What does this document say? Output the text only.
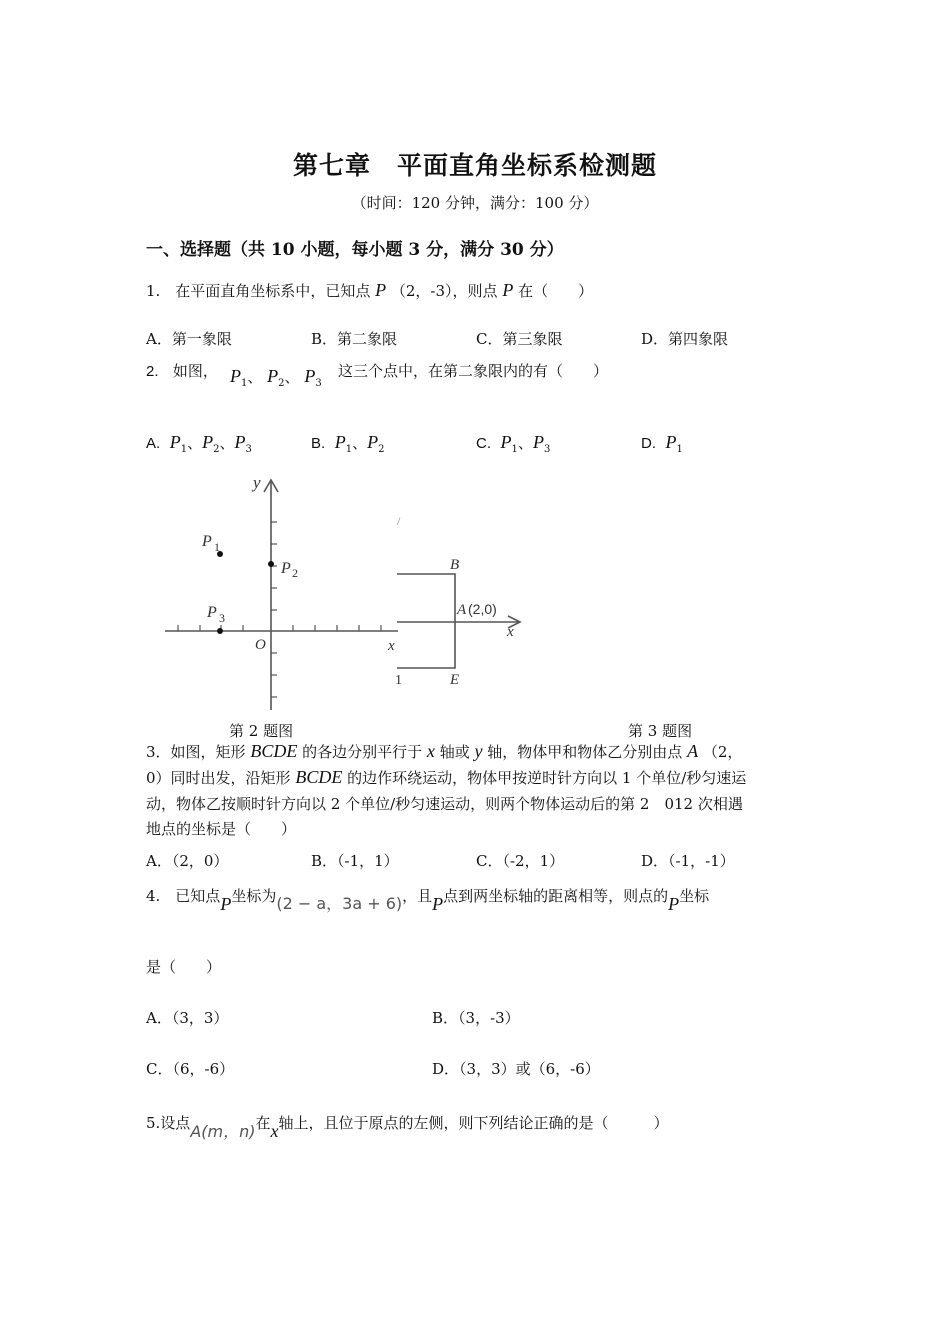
第七章　平面直角坐标系检测题
（时间：120 分钟，满分：100 分）
一、选择题（共 10 小题，每小题 3 分，满分 30 分）
1.　在平面直角坐标系中，已知点 P （2，-3），则点 P 在（　　）
A．第一象限	B．第二象限	C．第三象限	D．第四象限
2. 如图， $P_1$、 $P_2$、 $P_3$
这三个点中，在第二象限内的有（　　）
A. $P_1$、$P_2$、$P_3$	B. $P_1$、$P_2$	C. $P_1$、$P_3$	D. $P_1$
y
x
O
P
P
P
1
2
3
B
A
x
E
(2,0)
1
/
第 2 题图	第 3 题图
3．如图，矩形 BCDE 的各边分别平行于 x 轴或 y 轴，物体甲和物体乙分别由点 A （2，
0）同时出发，沿矩形 BCDE 的边作环绕运动，物体甲按逆时针方向以 1 个单位/秒匀速运
动，物体乙按顺时针方向以 2 个单位/秒匀速运动，则两个物体运动后的第 2　012 次相遇
地点的坐标是（　　）
A．（2，0）	B．（-1，1）	C．（-2，1）	D．（-1，-1）
4.　已知点P坐标为(2 − a，3a + 6)，且P点到两坐标轴的距离相等，则点的P坐标
是（　　）
A．（3，3）	B．（3，-3）
C．（6，-6）	D．（3，3）或（6，-6）
5.设点A(m，n)在x轴上，且位于原点的左侧，则下列结论正确的是（　　　）
